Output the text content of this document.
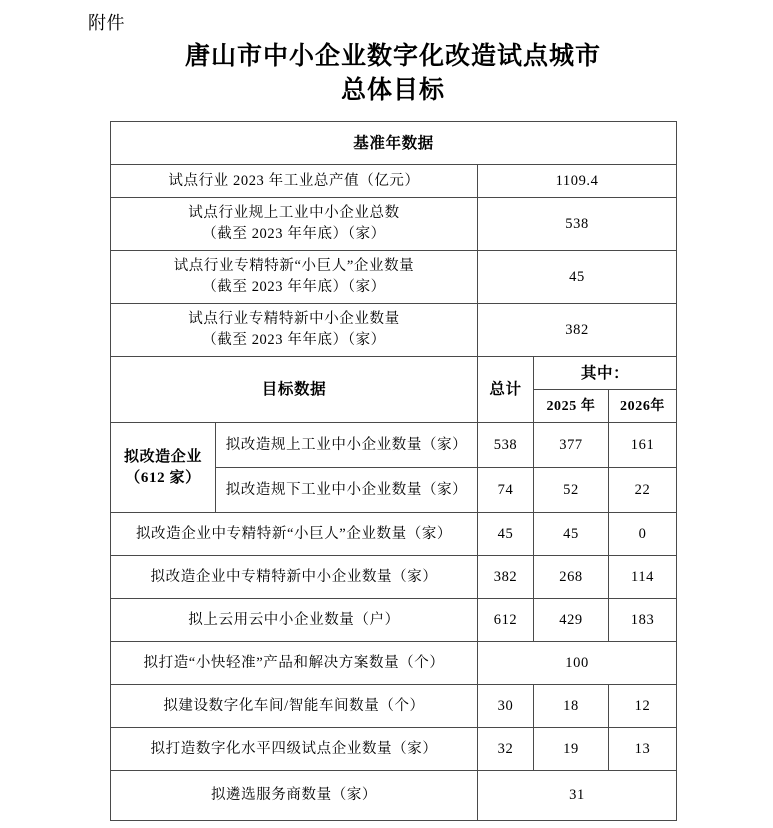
附件
唐山市中小企业数字化改造试点城市
总体目标
基准年数据				
试点行业 2023 年工业总产值（亿元）		1109.4		
试点行业规上工业中小企业总数
（截至 2023 年年底）（家）		538		
试点行业专精特新“小巨人”企业数量
（截至 2023 年年底）（家）		45		
试点行业专精特新中小企业数量
（截至 2023 年年底）（家）		382		
目标数据		总计	其中：	
			2025 年	2026年
拟改造企业
（612 家）	拟改造规上工业中小企业数量（家）	538	377	161
	拟改造规下工业中小企业数量（家）	74	52	22
拟改造企业中专精特新“小巨人”企业数量（家）		45	45	0
拟改造企业中专精特新中小企业数量（家）		382	268	114
拟上云用云中小企业数量（户）		612	429	183
拟打造“小快轻准”产品和解决方案数量（个）		100		
拟建设数字化车间/智能车间数量（个）		30	18	12
拟打造数字化水平四级试点企业数量（家）		32	19	13
拟遴选服务商数量（家）		31		
